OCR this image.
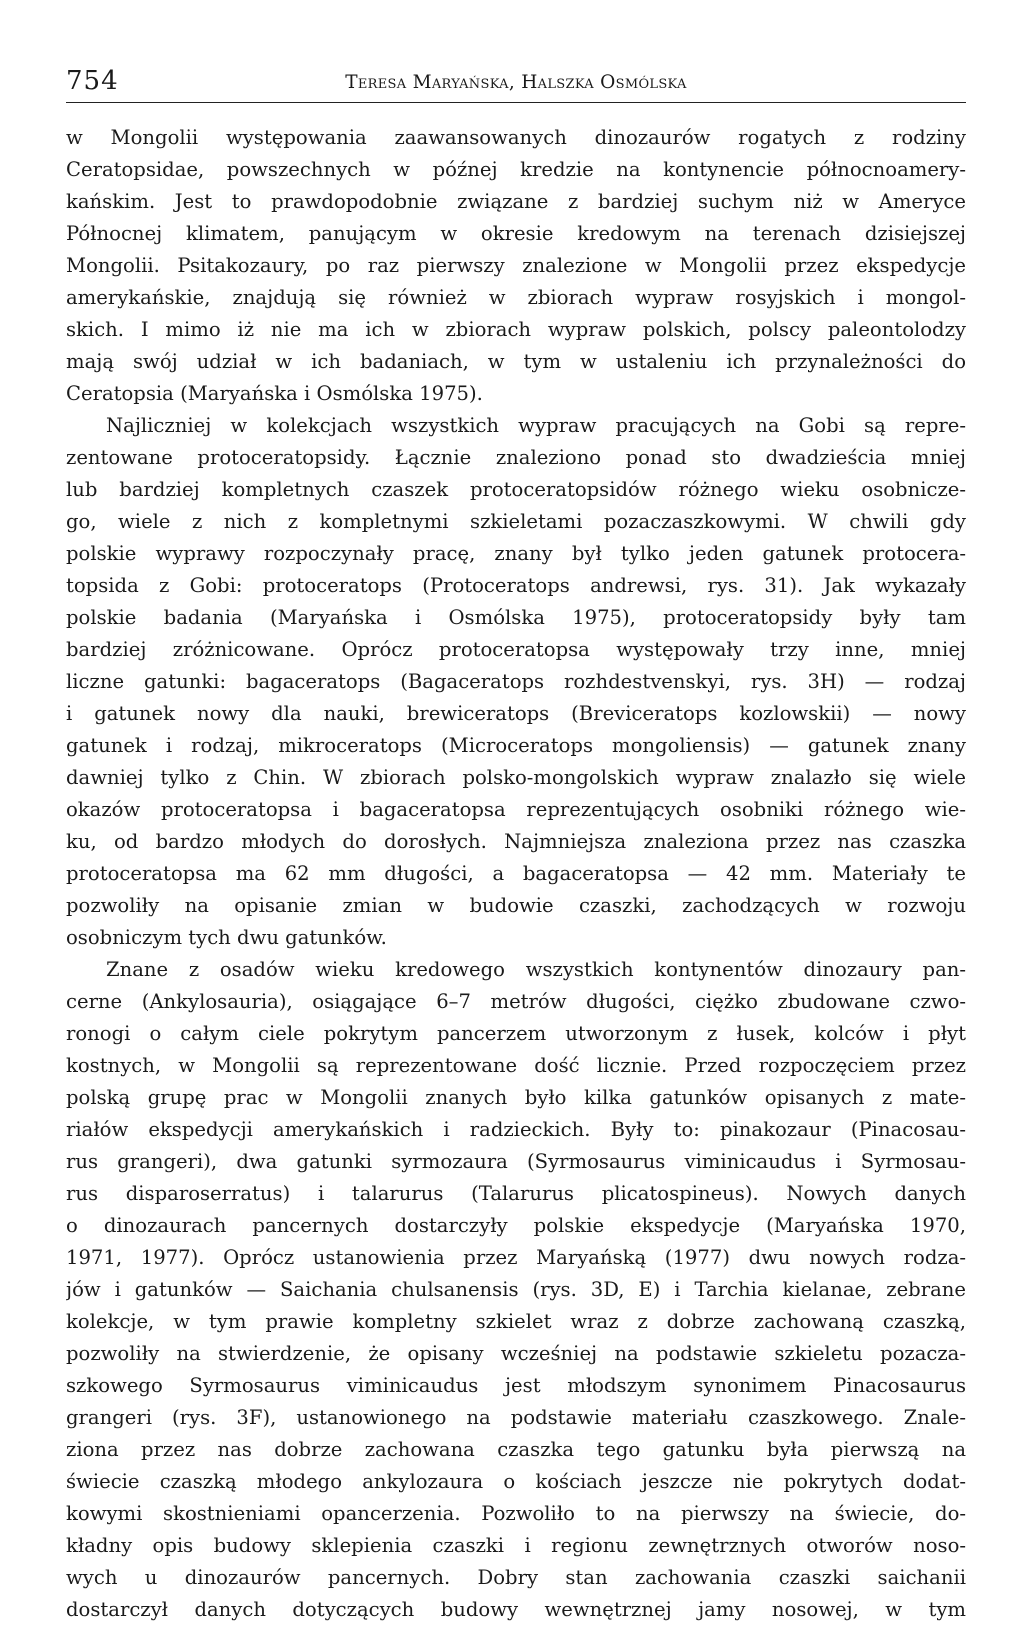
754	Teresa Maryańska, Halszka Osmólska
w Mongolii występowania zaawansowanych dinozaurów rogatych z rodziny
Ceratopsidae, powszechnych w późnej kredzie na kontynencie północnoamery-
kańskim. Jest to prawdopodobnie związane z bardziej suchym niż w Ameryce
Północnej klimatem, panującym w okresie kredowym na terenach dzisiejszej
Mongolii. Psitakozaury, po raz pierwszy znalezione w Mongolii przez ekspedycje
amerykańskie, znajdują się również w zbiorach wypraw rosyjskich i mongol-
skich. I mimo iż nie ma ich w zbiorach wypraw polskich, polscy paleontolodzy
mają swój udział w ich badaniach, w tym w ustaleniu ich przynależności do
Ceratopsia (Maryańska i Osmólska 1975).
Najliczniej w kolekcjach wszystkich wypraw pracujących na Gobi są repre-
zentowane protoceratopsidy. Łącznie znaleziono ponad sto dwadzieścia mniej
lub bardziej kompletnych czaszek protoceratopsidów różnego wieku osobnicze-
go, wiele z nich z kompletnymi szkieletami pozaczaszkowymi. W chwili gdy
polskie wyprawy rozpoczynały pracę, znany był tylko jeden gatunek protocera-
topsida z Gobi: protoceratops (Protoceratops andrewsi, rys. 31). Jak wykazały
polskie badania (Maryańska i Osmólska 1975), protoceratopsidy były tam
bardziej zróżnicowane. Oprócz protoceratopsa występowały trzy inne, mniej
liczne gatunki: bagaceratops (Bagaceratops rozhdestvenskyi, rys. 3H) — rodzaj
i gatunek nowy dla nauki, brewiceratops (Breviceratops kozlowskii) — nowy
gatunek i rodzaj, mikroceratops (Microceratops mongoliensis) — gatunek znany
dawniej tylko z Chin. W zbiorach polsko-mongolskich wypraw znalazło się wiele
okazów protoceratopsa i bagaceratopsa reprezentujących osobniki różnego wie-
ku, od bardzo młodych do dorosłych. Najmniejsza znaleziona przez nas czaszka
protoceratopsa ma 62 mm długości, a bagaceratopsa — 42 mm. Materiały te
pozwoliły na opisanie zmian w budowie czaszki, zachodzących w rozwoju
osobniczym tych dwu gatunków.
Znane z osadów wieku kredowego wszystkich kontynentów dinozaury pan-
cerne (Ankylosauria), osiągające 6–7 metrów długości, ciężko zbudowane czwo-
ronogi o całym ciele pokrytym pancerzem utworzonym z łusek, kolców i płyt
kostnych, w Mongolii są reprezentowane dość licznie. Przed rozpoczęciem przez
polską grupę prac w Mongolii znanych było kilka gatunków opisanych z mate-
riałów ekspedycji amerykańskich i radzieckich. Były to: pinakozaur (Pinacosau-
rus grangeri), dwa gatunki syrmozaura (Syrmosaurus viminicaudus i Syrmosau-
rus disparoserratus) i talarurus (Talarurus plicatospineus). Nowych danych
o dinozaurach pancernych dostarczyły polskie ekspedycje (Maryańska 1970,
1971, 1977). Oprócz ustanowienia przez Maryańską (1977) dwu nowych rodza-
jów i gatunków — Saichania chulsanensis (rys. 3D, E) i Tarchia kielanae, zebrane
kolekcje, w tym prawie kompletny szkielet wraz z dobrze zachowaną czaszką,
pozwoliły na stwierdzenie, że opisany wcześniej na podstawie szkieletu pozacza-
szkowego Syrmosaurus viminicaudus jest młodszym synonimem Pinacosaurus
grangeri (rys. 3F), ustanowionego na podstawie materiału czaszkowego. Znale-
ziona przez nas dobrze zachowana czaszka tego gatunku była pierwszą na
świecie czaszką młodego ankylozaura o kościach jeszcze nie pokrytych dodat-
kowymi skostnieniami opancerzenia. Pozwoliło to na pierwszy na świecie, do-
kładny opis budowy sklepienia czaszki i regionu zewnętrznych otworów noso-
wych u dinozaurów pancernych. Dobry stan zachowania czaszki saichanii
dostarczył danych dotyczących budowy wewnętrznej jamy nosowej, w tym
